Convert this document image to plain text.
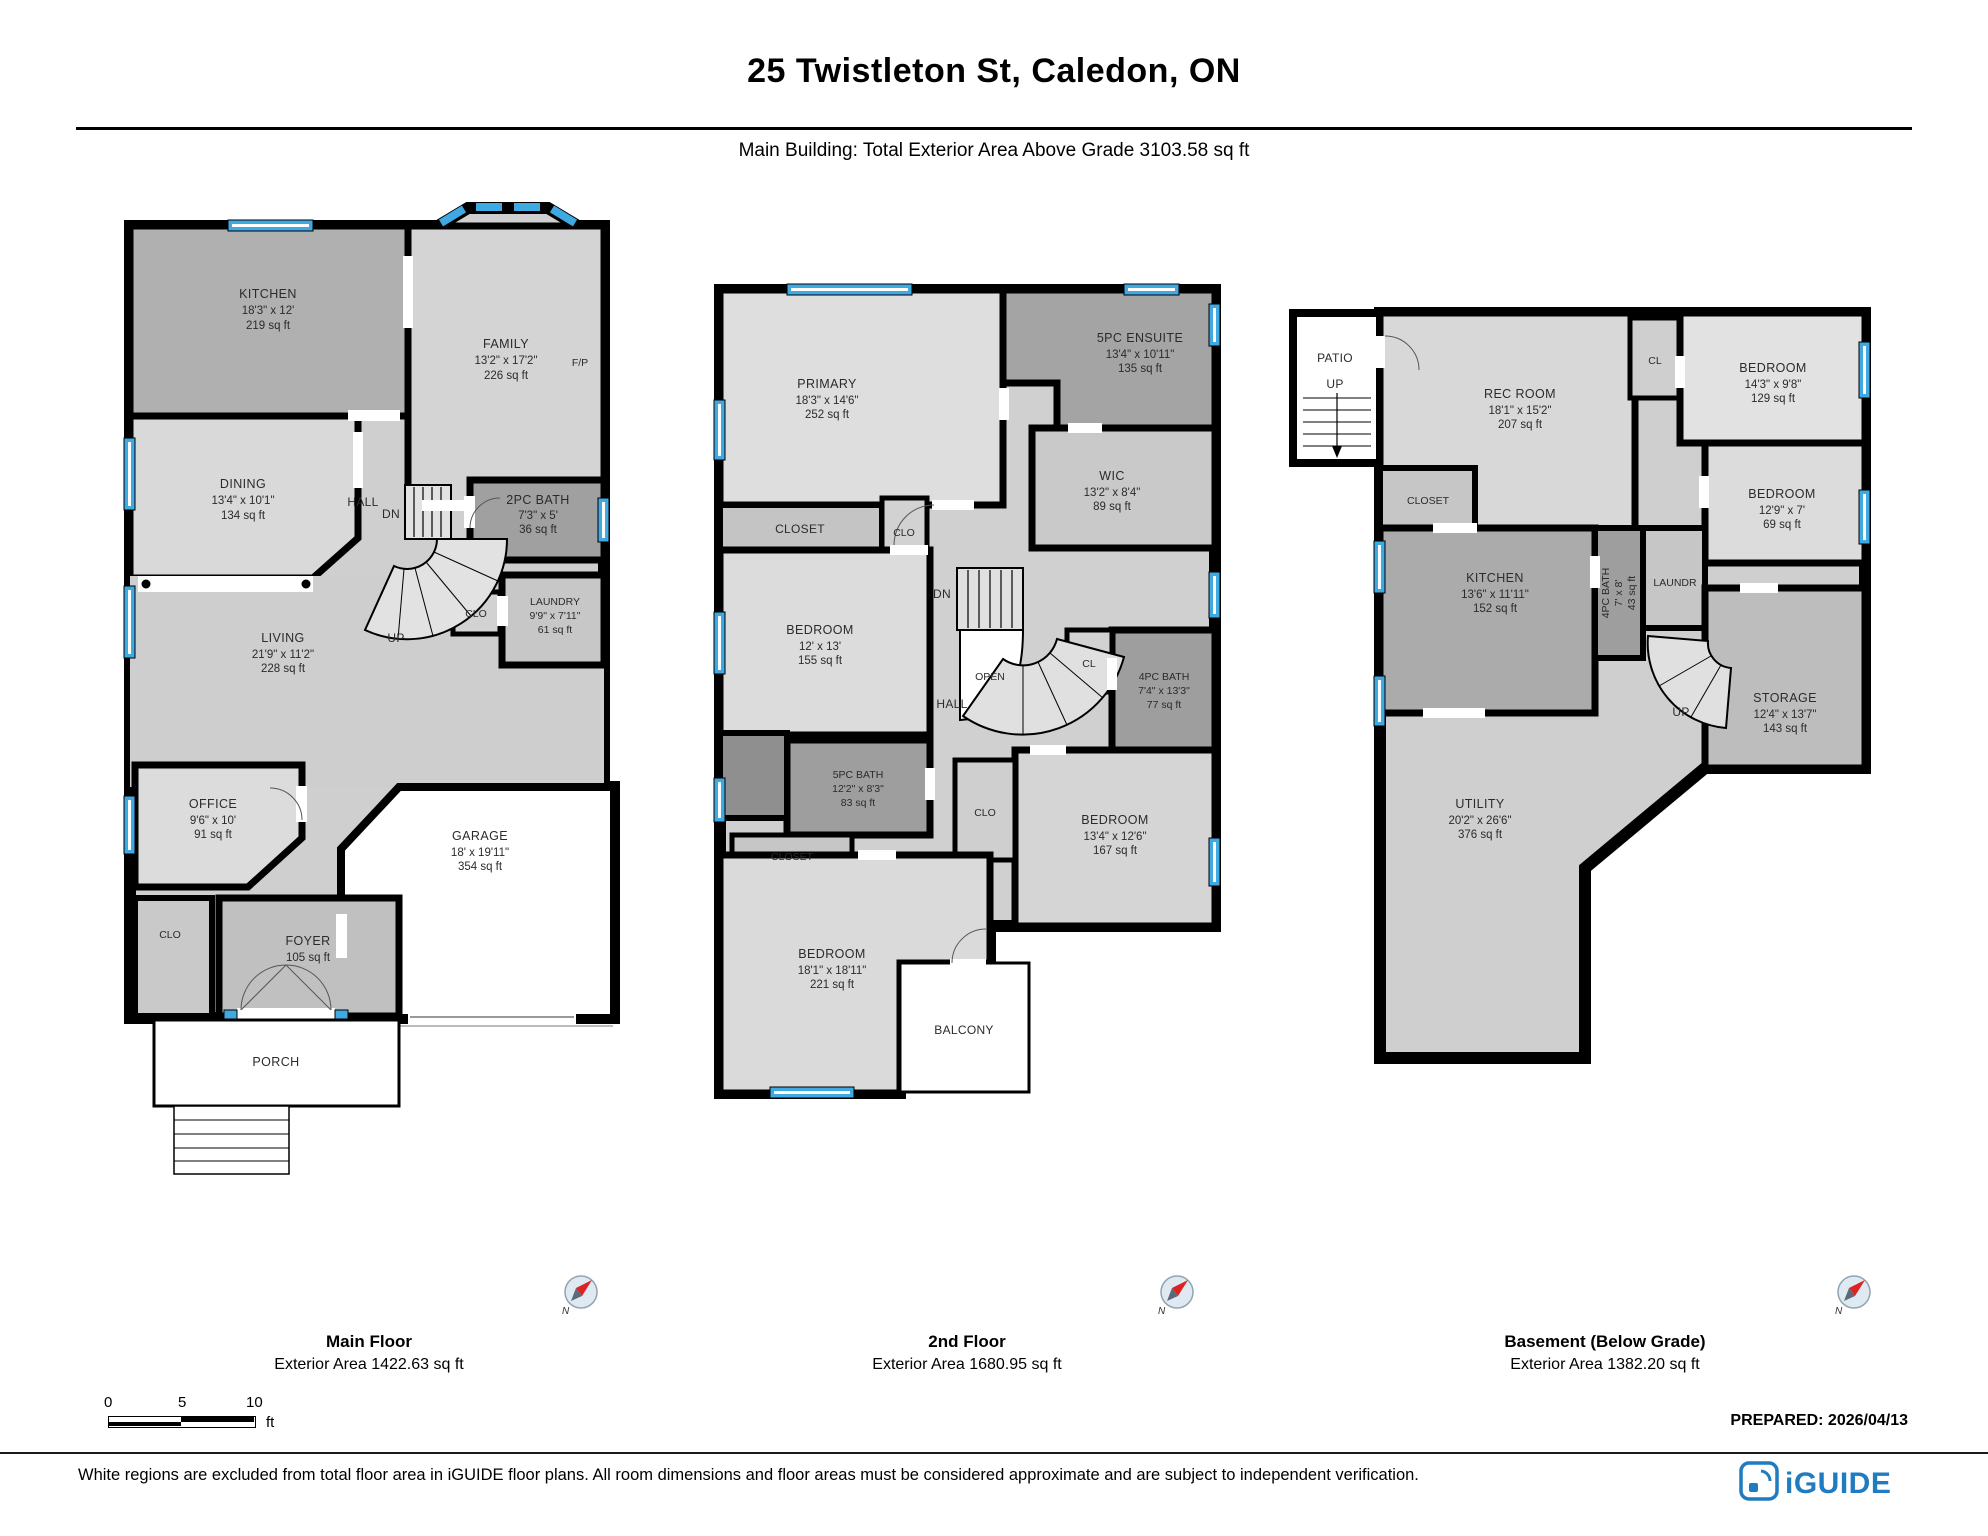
25 Twistleton St, Caledon, ON
Main Building: Total Exterior Area Above Grade 3103.58 sq ft
KITCHEN
18'3" x 12'
219 sq ft
FAMILY
13'2" x 17'2"
226 sq ft
F/P
DINING
13'4" x 10'1"
134 sq ft
HALL
DN
2PC BATH
7'3" x 5'
36 sq ft
CLO
LAUNDRY
9'9" x 7'11"
61 sq ft
UP
LIVING
21'9" x 11'2"
228 sq ft
OFFICE
9'6" x 10'
91 sq ft	GARAGE
18' x 19'11"
354 sq ft
FOYER
105 sq ft
CLO
PORCH
PRIMARY
18'3" x 14'6"
252 sq ft
5PC ENSUITE
13'4" x 10'11"
135 sq ft
WIC
13'2" x 8'4"
89 sq ft
CLOSET	CLO
BEDROOM
12' x 13'
155 sq ft
DN
OPEN
HALL
CL
4PC BATH
7'4" x 13'3"
77 sq ft
BEDROOM
13'4" x 12'6"
167 sq ft
CLO
5PC BATH
12'2" x 8'3"
83 sq ft
CLOSET
BEDROOM
18'1" x 18'11"
221 sq ft
BALCONY
PATIO
UP
REC ROOM
18'1" x 15'2"
207 sq ft
CL	BEDROOM
14'3" x 9'8"
129 sq ft
CLOSET	BEDROOM
12'9" x 7'
69 sq ft
KITCHEN
13'6" x 11'11"
152 sq ft	4PC BATH 7' x 8' 43 sq ft LAUNDR
UP
STORAGE
12'4" x 13'7"
143 sq ft
UTILITY
20'2" x 26'6"
376 sq ft
N	N	N
Main Floor
Exterior Area 1422.63 sq ft
2nd Floor
Exterior Area 1680.95 sq ft
Basement (Below Grade)
Exterior Area 1382.20 sq ft
0	5	10
ft	PREPARED: 2026/04/13
White regions are excluded from total floor area in iGUIDE floor plans. All room dimensions and floor areas must be considered approximate and are subject to independent verification.	iGUIDE
